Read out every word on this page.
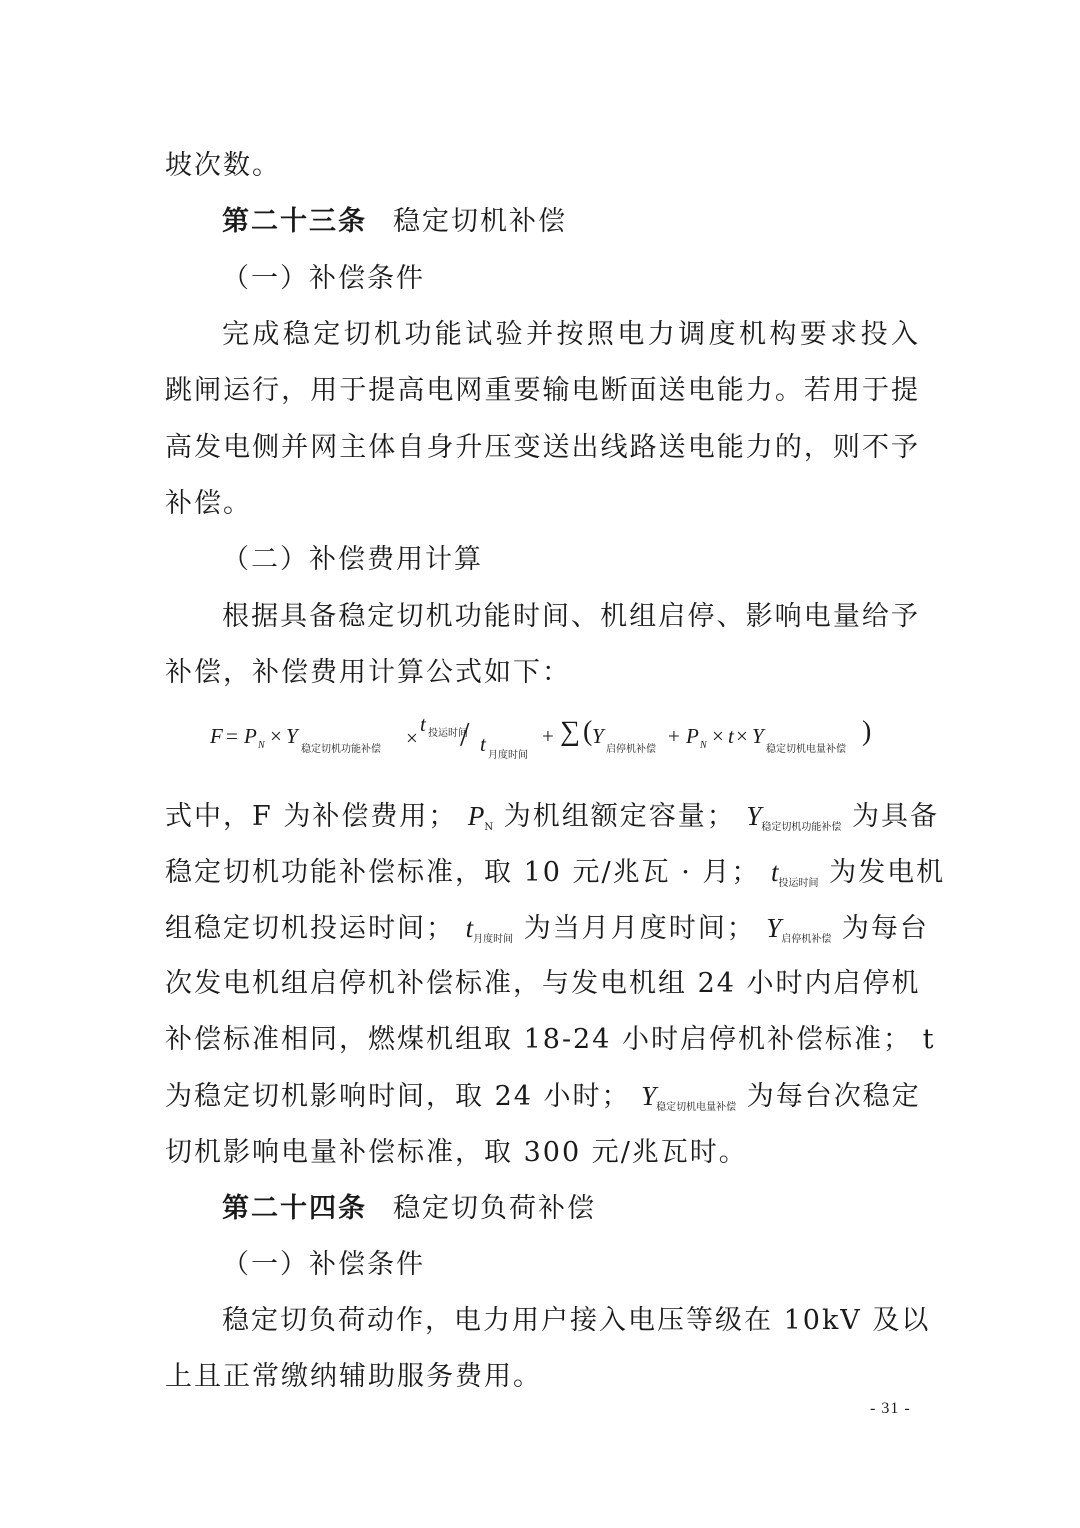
坡次数。
第二十三条 稳定切机补偿
（一）补偿条件
完成稳定切机功能试验并按照电力调度机构要求投入
跳闸运行，用于提高电网重要输电断面送电能力。若用于提
高发电侧并网主体自身升压变送出线路送电能力的，则不予
补偿。
（二）补偿费用计算
根据具备稳定切机功能时间、机组启停、影响电量给予
补偿，补偿费用计算公式如下：
F = P N × Y
稳定切机功能补偿 ×
t 投运时间
/ t 月度时间
+ ∑ ( Y
启停机补偿
+ P N × t × Y
稳定切机电量补偿
)
式中，F 为补偿费用； PN 为机组额定容量； Y稳定切机功能补偿 为具备
稳定切机功能补偿标准，取 10 元/兆瓦 · 月； t投运时间 为发电机
组稳定切机投运时间； t月度时间 为当月月度时间； Y启停机补偿 为每台
次发电机组启停机补偿标准，与发电机组 24 小时内启停机
补偿标准相同，燃煤机组取 18-24 小时启停机补偿标准； t
为稳定切机影响时间，取 24 小时； Y稳定切机电量补偿 为每台次稳定
切机影响电量补偿标准，取 300 元/兆瓦时。
第二十四条 稳定切负荷补偿
（一）补偿条件
稳定切负荷动作，电力用户接入电压等级在 10kV 及以
上且正常缴纳辅助服务费用。
- 31 -
